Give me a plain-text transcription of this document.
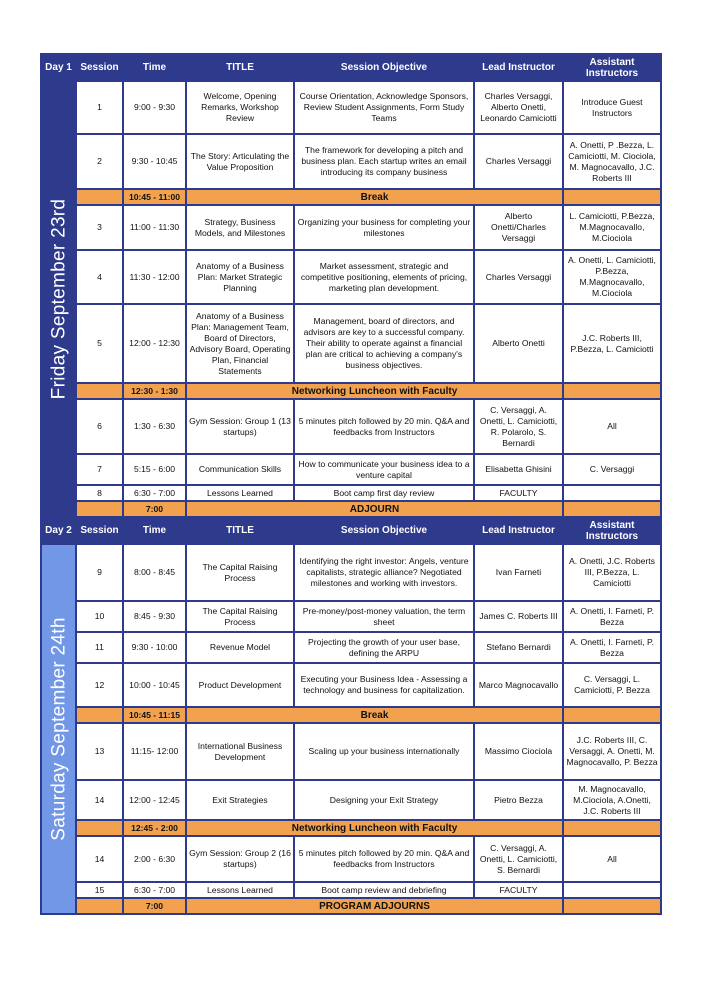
Day 1	Session	Time	TITLE	Session Objective	Lead Instructor	Assistant Instructors

Friday September 23rd	1	9:00 - 9:30	Welcome, Opening Remarks, Workshop Review	Course Orientation, Acknowledge Sponsors, Review Student Assignments, Form Study Teams	Charles Versaggi, Alberto Onetti, Leonardo Camiciotti	Introduce Guest Instructors
	2	9:30 - 10:45	The Story: Articulating the Value Proposition	The framework for developing a pitch and business plan. Each startup writes an email introducing its company business	Charles Versaggi	A. Onetti, P .Bezza, L. Camiciotti, M. Ciociola, M. Magnocavallo, J.C. Roberts III
		10:45 - 11:00	Break			
	3	11:00 - 11:30	Strategy, Business Models, and Milestones	Organizing your business for completing your milestones	Alberto Onetti/Charles Versaggi	L. Camiciotti, P.Bezza, M.Magnocavallo, M.Ciociola
	4	11:30 - 12:00	Anatomy of a Business Plan: Market Strategic Planning	Market assessment, strategic and competitive positioning, elements of pricing, marketing plan development.	Charles Versaggi	A. Onetti, L. Camiciotti, P.Bezza, M.Magnocavallo, M.Ciociola
	5	12:00 - 12:30	Anatomy of a Business Plan: Management Team, Board of Directors, Advisory Board, Operating Plan, Financial Statements	Management, board of directors, and advisors are key to a successful company. Their ability to operate against a financial plan are critical to achieving a company's business objectives.	Alberto Onetti	J.C. Roberts III, P.Bezza, L. Camiciotti
		12:30 - 1:30	Networking Luncheon with Faculty			
	6	1:30 - 6:30	Gym Session: Group 1 (13 startups)	5 minutes pitch followed by 20 min. Q&A and feedbacks from Instructors	C. Versaggi, A. Onetti, L. Camiciotti, R. Polarolo, S. Bernardi	All
	7	5:15 - 6:00	Communication Skills	How to communicate your business idea to a venture capital	Elisabetta Ghisini	C. Versaggi
	8	6:30 - 7:00	Lessons Learned	Boot camp first day review	FACULTY	
		7:00	ADJOURN			
Day 2	Session	Time	TITLE	Session Objective	Lead Instructor	Assistant Instructors

Saturday September 24th	9	8:00 - 8:45	The Capital Raising Process	Identifying the right investor: Angels, venture capitalists, strategic alliance? Negotiated milestones and working with investors.	Ivan Farneti	A. Onetti, J.C. Roberts III, P.Bezza, L. Camiciotti
	10	8:45 - 9:30	The Capital Raising Process	Pre-money/post-money valuation, the term sheet	James C. Roberts III	A. Onetti, I. Farneti, P. Bezza
	11	9:30 - 10:00	Revenue Model	Projecting the growth of your user base, defining the ARPU	Stefano Bernardi	A. Onetti, I. Farneti, P. Bezza
	12	10:00 - 10:45	Product Development	Executing your Business Idea - Assessing a technology and business for capitalization.	Marco Magnocavallo	C. Versaggi, L. Camiciotti, P. Bezza
		10:45 - 11:15	Break			
	13	11:15- 12:00	International Business Development	Scaling up your business internationally	Massimo Ciociola	J.C. Roberts III, C. Versaggi, A. Onetti, M. Magnocavallo, P. Bezza
	14	12:00 - 12:45	Exit Strategies	Designing your Exit Strategy	Pietro Bezza	M. Magnocavallo, M.Ciociola, A.Onetti, J.C. Roberts III
		12:45 - 2:00	Networking Luncheon with Faculty			
	14	2:00 - 6:30	Gym Session: Group 2 (16 startups)	5 minutes pitch followed by 20 min. Q&A and feedbacks from Instructors	C. Versaggi, A. Onetti, L. Camiciotti, S. Bernardi	All
	15	6:30 - 7:00	Lessons Learned	Boot camp review and debriefing	FACULTY	
		7:00	PROGRAM ADJOURNS			
